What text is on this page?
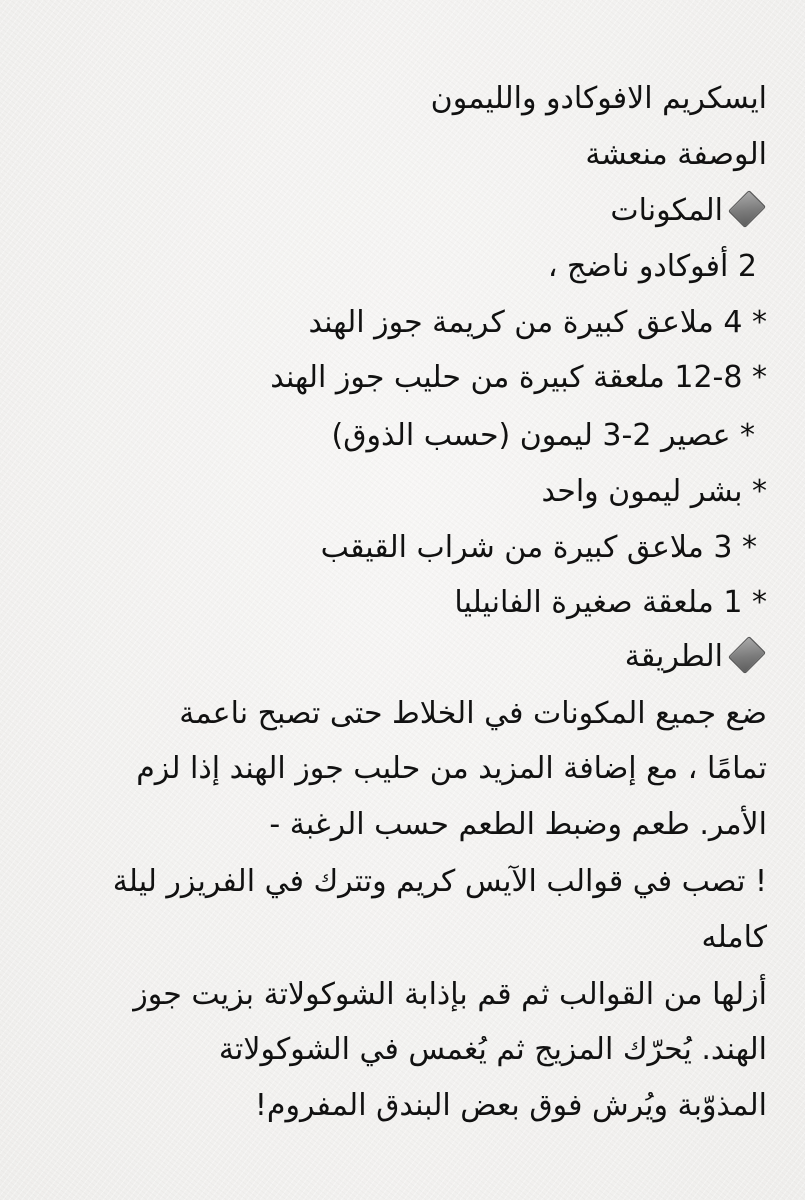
ايسكريم الافوكادو والليمون
الوصفة منعشة
المكونات
2 أفوكادو ناضج ،
* 4 ملاعق كبيرة من كريمة جوز الهند
* 12-8 ملعقة كبيرة من حليب جوز الهند
* عصير 2-3 ليمون (حسب الذوق)
* بشر ليمون واحد
* 3 ملاعق كبيرة من شراب القيقب
* 1 ملعقة صغيرة الفانيليا
الطريقة
ضع جميع المكونات في الخلاط حتى تصبح ناعمة
تمامًا ، مع إضافة المزيد من حليب جوز الهند إذا لزم
الأمر. طعم وضبط الطعم حسب الرغبة -
! تصب في قوالب الآيس كريم وتترك في الفريزر ليلة
كامله
أزلها من القوالب ثم قم بإذابة الشوكولاتة بزيت جوز
الهند. يُحرّك المزيج ثم يُغمس في الشوكولاتة
المذوّبة ويُرش فوق بعض البندق المفروم!
